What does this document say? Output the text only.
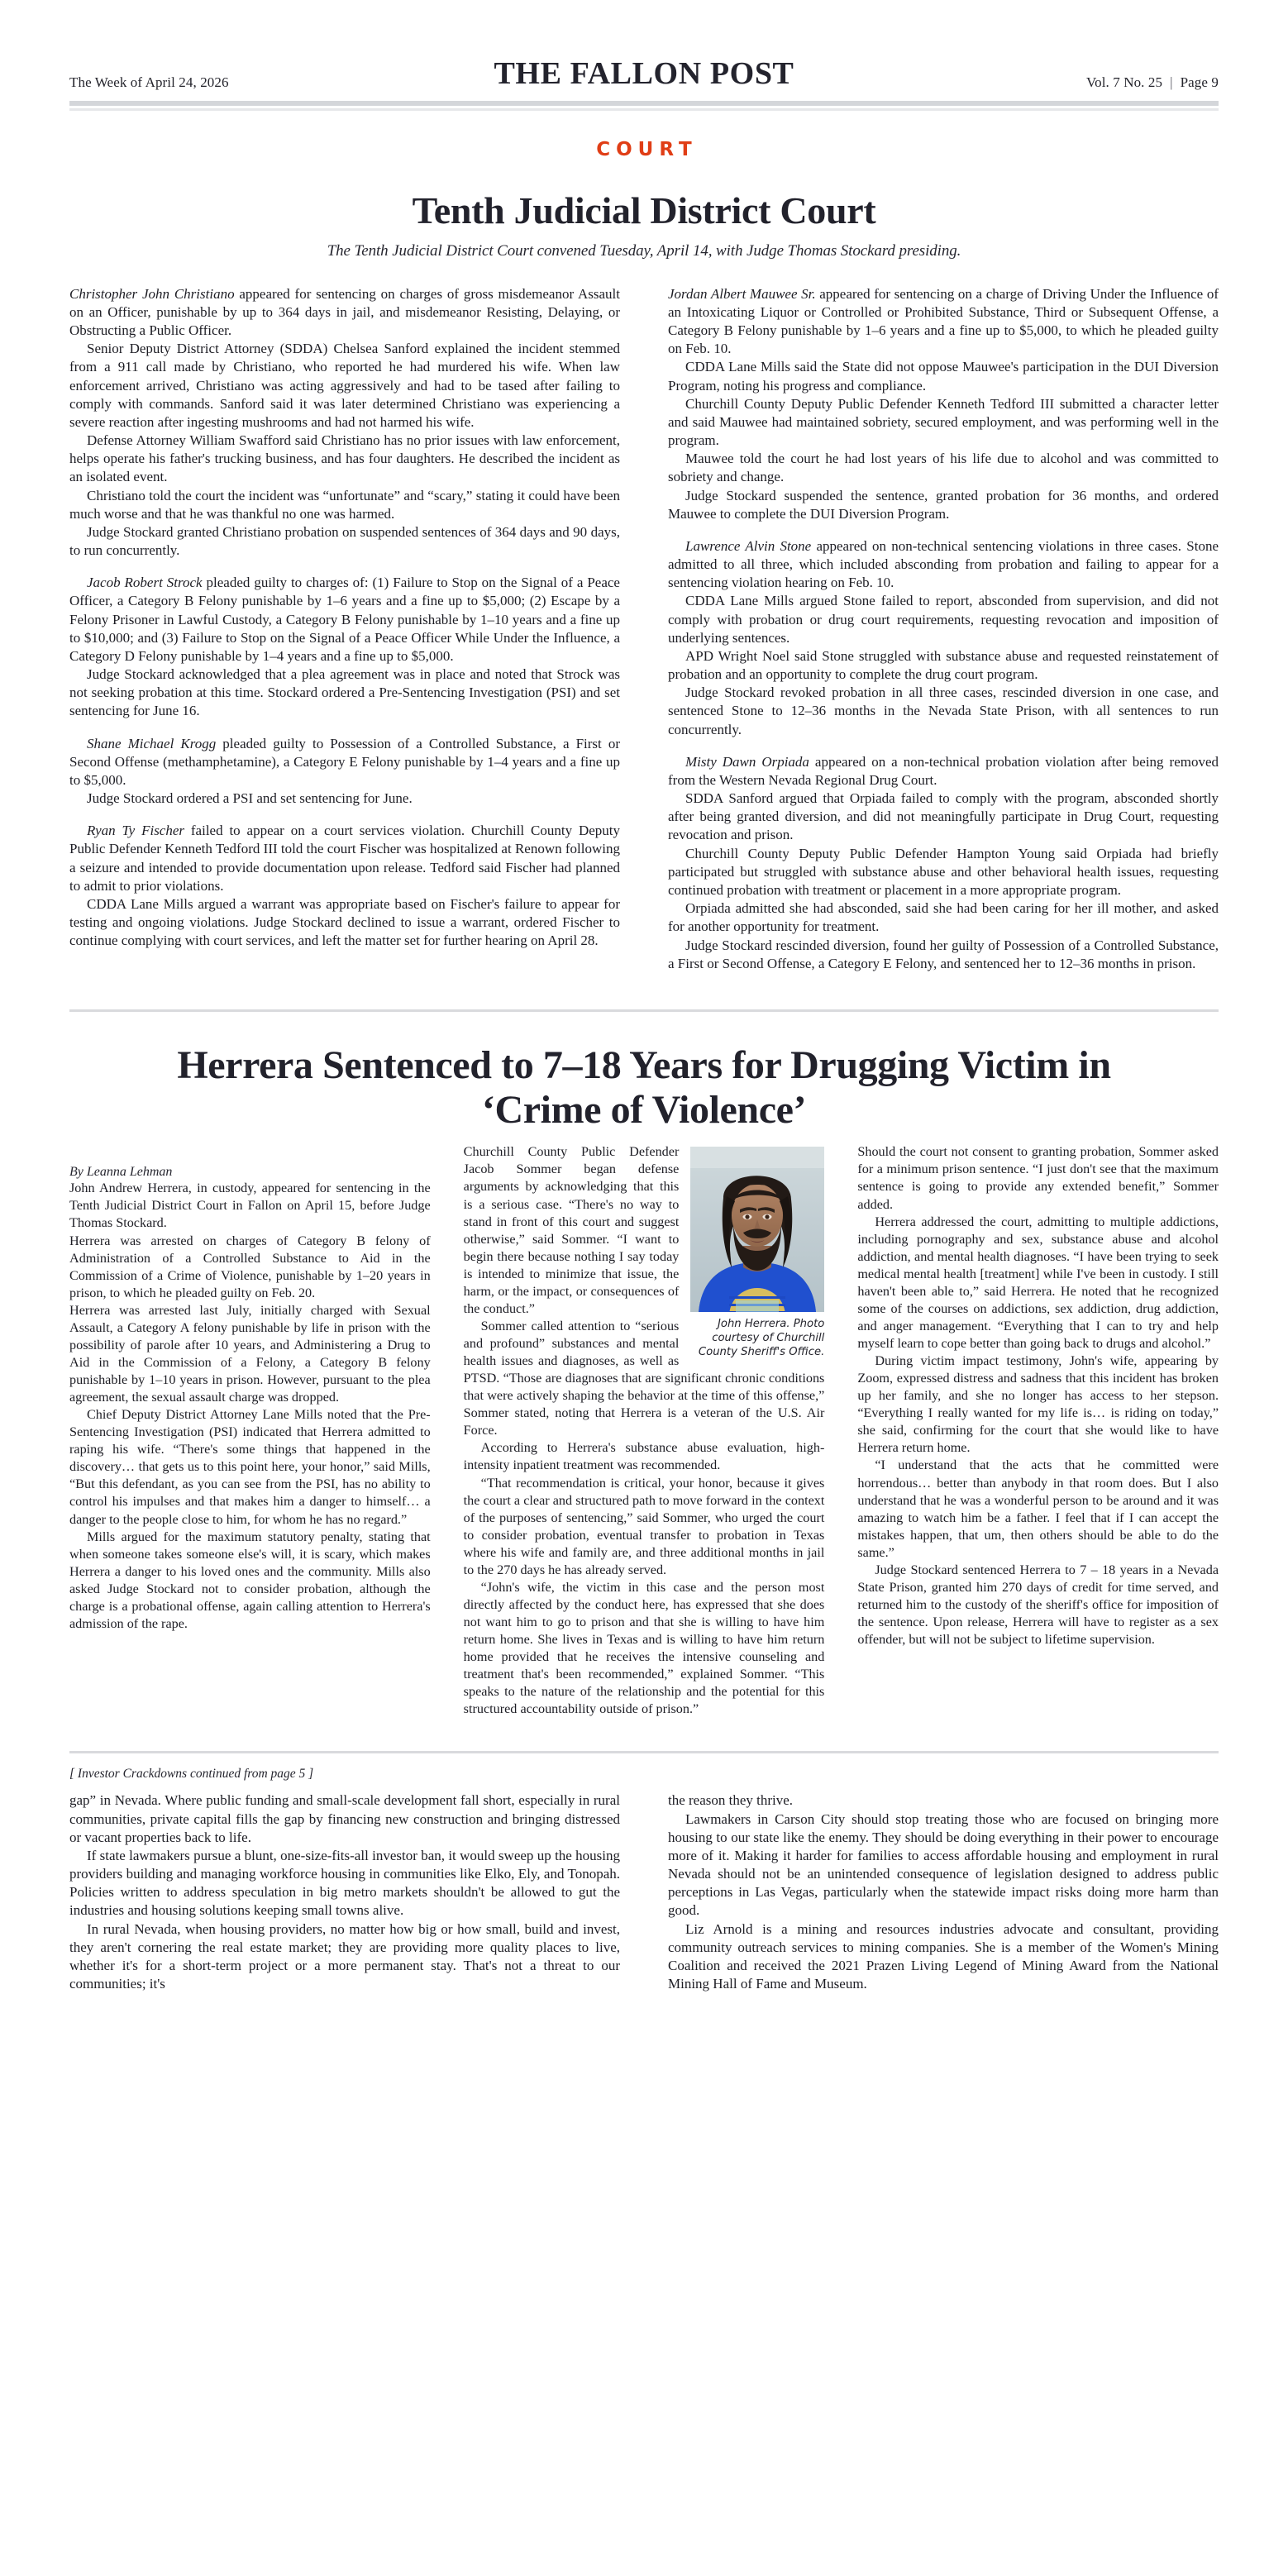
The Week of April 24, 2026	THE FALLON POST	Vol. 7 No. 25 | Page 9
COURT
Tenth Judicial District Court
The Tenth Judicial District Court convened Tuesday, April 14, with Judge Thomas Stockard presiding.

Christopher John Christiano appeared for sentencing on charges of gross misdemeanor Assault on an Officer, punishable by up to 364 days in jail, and misdemeanor Resisting, Delaying, or Obstructing a Public Officer.

Senior Deputy District Attorney (SDDA) Chelsea Sanford explained the incident stemmed from a 911 call made by Christiano, who reported he had murdered his wife. When law enforcement arrived, Christiano was acting aggressively and had to be tased after failing to comply with commands. Sanford said it was later determined Christiano was experiencing a severe reaction after ingesting mushrooms and had not harmed his wife.

Defense Attorney William Swafford said Christiano has no prior issues with law enforcement, helps operate his father's trucking business, and has four daughters. He described the incident as an isolated event.

Christiano told the court the incident was “unfortunate” and “scary,” stating it could have been much worse and that he was thankful no one was harmed.

Judge Stockard granted Christiano probation on suspended sentences of 364 days and 90 days, to run concurrently.

Jacob Robert Strock pleaded guilty to charges of: (1) Failure to Stop on the Signal of a Peace Officer, a Category B Felony punishable by 1–6 years and a fine up to $5,000; (2) Escape by a Felony Prisoner in Lawful Custody, a Category B Felony punishable by 1–10 years and a fine up to $10,000; and (3) Failure to Stop on the Signal of a Peace Officer While Under the Influence, a Category D Felony punishable by 1–4 years and a fine up to $5,000.

Judge Stockard acknowledged that a plea agreement was in place and noted that Strock was not seeking probation at this time. Stockard ordered a Pre-Sentencing Investigation (PSI) and set sentencing for June 16.

Shane Michael Krogg pleaded guilty to Possession of a Controlled Substance, a First or Second Offense (methamphetamine), a Category E Felony punishable by 1–4 years and a fine up to $5,000.

Judge Stockard ordered a PSI and set sentencing for June.

Ryan Ty Fischer failed to appear on a court services violation. Churchill County Deputy Public Defender Kenneth Tedford III told the court Fischer was hospitalized at Renown following a seizure and intended to provide documentation upon release. Tedford said Fischer had planned to admit to prior violations.

CDDA Lane Mills argued a warrant was appropriate based on Fischer's failure to appear for testing and ongoing violations. Judge Stockard declined to issue a warrant, ordered Fischer to continue complying with court services, and left the matter set for further hearing on April 28.

Jordan Albert Mauwee Sr. appeared for sentencing on a charge of Driving Under the Influence of an Intoxicating Liquor or Controlled or Prohibited Substance, Third or Subsequent Offense, a Category B Felony punishable by 1–6 years and a fine up to $5,000, to which he pleaded guilty on Feb. 10.

CDDA Lane Mills said the State did not oppose Mauwee's participation in the DUI Diversion Program, noting his progress and compliance.

Churchill County Deputy Public Defender Kenneth Tedford III submitted a character letter and said Mauwee had maintained sobriety, secured employment, and was performing well in the program.

Mauwee told the court he had lost years of his life due to alcohol and was committed to sobriety and change.

Judge Stockard suspended the sentence, granted probation for 36 months, and ordered Mauwee to complete the DUI Diversion Program.

Lawrence Alvin Stone appeared on non-technical sentencing violations in three cases. Stone admitted to all three, which included absconding from probation and failing to appear for a sentencing violation hearing on Feb. 10.

CDDA Lane Mills argued Stone failed to report, absconded from supervision, and did not comply with probation or drug court requirements, requesting revocation and imposition of underlying sentences.

APD Wright Noel said Stone struggled with substance abuse and requested reinstatement of probation and an opportunity to complete the drug court program.

Judge Stockard revoked probation in all three cases, rescinded diversion in one case, and sentenced Stone to 12–36 months in the Nevada State Prison, with all sentences to run concurrently.

Misty Dawn Orpiada appeared on a non-technical probation violation after being removed from the Western Nevada Regional Drug Court.

SDDA Sanford argued that Orpiada failed to comply with the program, absconded shortly after being granted diversion, and did not meaningfully participate in Drug Court, requesting revocation and prison.

Churchill County Deputy Public Defender Hampton Young said Orpiada had briefly participated but struggled with substance abuse and other behavioral health issues, requesting continued probation with treatment or placement in a more appropriate program.

Orpiada admitted she had absconded, said she had been caring for her ill mother, and asked for another opportunity for treatment.

Judge Stockard rescinded diversion, found her guilty of Possession of a Controlled Substance, a First or Second Offense, a Category E Felony, and sentenced her to 12–36 months in prison.

Herrera Sentenced to 7–18 Years for Drugging Victim in ‘Crime of Violence’
By Leanna Lehman

John Andrew Herrera, in custody, appeared for sentencing in the Tenth Judicial District Court in Fallon on April 15, before Judge Thomas Stockard.

Herrera was arrested on charges of Category B felony of Administration of a Controlled Substance to Aid in the Commission of a Crime of Violence, punishable by 1–20 years in prison, to which he pleaded guilty on Feb. 20.

Herrera was arrested last July, initially charged with Sexual Assault, a Category A felony punishable by life in prison with the possibility of parole after 10 years, and Administering a Drug to Aid in the Commission of a Felony, a Category B felony punishable by 1–10 years in prison. However, pursuant to the plea agreement, the sexual assault charge was dropped.

Chief Deputy District Attorney Lane Mills noted that the Pre-Sentencing Investigation (PSI) indicated that Herrera admitted to raping his wife. “There's some things that happened in the discovery… that gets us to this point here, your honor,” said Mills, “But this defendant, as you can see from the PSI, has no ability to control his impulses and that makes him a danger to himself… a danger to the people close to him, for whom he has no regard.”

Mills argued for the maximum statutory penalty, stating that when someone takes someone else's will, it is scary, which makes Herrera a danger to his loved ones and the community. Mills also asked Judge Stockard not to consider probation, although the charge is a probational offense, again calling attention to Herrera's admission of the rape.

John Herrera. Photo courtesy of Churchill County Sheriff's Office.

Churchill County Public Defender Jacob Sommer began defense arguments by acknowledging that this is a serious case. “There's no way to stand in front of this court and suggest otherwise,” said Sommer. “I want to begin there because nothing I say today is intended to minimize that issue, the harm, or the impact, or consequences of the conduct.”

Sommer called attention to “serious and profound” substances and mental health issues and diagnoses, as well as PTSD. “Those are diagnoses that are significant chronic conditions that were actively shaping the behavior at the time of this offense,” Sommer stated, noting that Herrera is a veteran of the U.S. Air Force.

According to Herrera's substance abuse evaluation, high-intensity inpatient treatment was recommended.

“That recommendation is critical, your honor, because it gives the court a clear and structured path to move forward in the context of the purposes of sentencing,” said Sommer, who urged the court to consider probation, eventual transfer to probation in Texas where his wife and family are, and three additional months in jail to the 270 days he has already served.

“John's wife, the victim in this case and the person most directly affected by the conduct here, has expressed that she does not want him to go to prison and that she is willing to have him return home. She lives in Texas and is willing to have him return home provided that he receives the intensive counseling and treatment that's been recommended,” explained Sommer. “This speaks to the nature of the relationship and the potential for this structured accountability outside of prison.”

Should the court not consent to granting probation, Sommer asked for a minimum prison sentence. “I just don't see that the maximum sentence is going to provide any extended benefit,” Sommer added.

Herrera addressed the court, admitting to multiple addictions, including pornography and sex, substance abuse and alcohol addiction, and mental health diagnoses. “I have been trying to seek medical mental health [treatment] while I've been in custody. I still haven't been able to,” said Herrera. He noted that he recognized some of the courses on addictions, sex addiction, drug addiction, and anger management. “Everything that I can to try and help myself learn to cope better than going back to drugs and alcohol.”

During victim impact testimony, John's wife, appearing by Zoom, expressed distress and sadness that this incident has broken up her family, and she no longer has access to her stepson. “Everything I really wanted for my life is… is riding on today,” she said, confirming for the court that she would like to have Herrera return home.

“I understand that the acts that he committed were horrendous… better than anybody in that room does. But I also understand that he was a wonderful person to be around and it was amazing to watch him be a father. I feel that if I can accept the mistakes happen, that um, then others should be able to do the same.”

Judge Stockard sentenced Herrera to 7 – 18 years in a Nevada State Prison, granted him 270 days of credit for time served, and returned him to the custody of the sheriff's office for imposition of the sentence. Upon release, Herrera will have to register as a sex offender, but will not be subject to lifetime supervision.

[ Investor Crackdowns continued from page 5 ]

gap” in Nevada. Where public funding and small-scale development fall short, especially in rural communities, private capital fills the gap by financing new construction and bringing distressed or vacant properties back to life.

If state lawmakers pursue a blunt, one-size-fits-all investor ban, it would sweep up the housing providers building and managing workforce housing in communities like Elko, Ely, and Tonopah. Policies written to address speculation in big metro markets shouldn't be allowed to gut the industries and housing solutions keeping small towns alive.

In rural Nevada, when housing providers, no matter how big or how small, build and invest, they aren't cornering the real estate market; they are providing more quality places to live, whether it's for a short-term project or a more permanent stay. That's not a threat to our communities; it's

the reason they thrive.

Lawmakers in Carson City should stop treating those who are focused on bringing more housing to our state like the enemy. They should be doing everything in their power to encourage more of it. Making it harder for families to access affordable housing and employment in rural Nevada should not be an unintended consequence of legislation designed to address public perceptions in Las Vegas, particularly when the statewide impact risks doing more harm than good.

Liz Arnold is a mining and resources industries advocate and consultant, providing community outreach services to mining companies. She is a member of the Women's Mining Coalition and received the 2021 Prazen Living Legend of Mining Award from the National Mining Hall of Fame and Museum.
